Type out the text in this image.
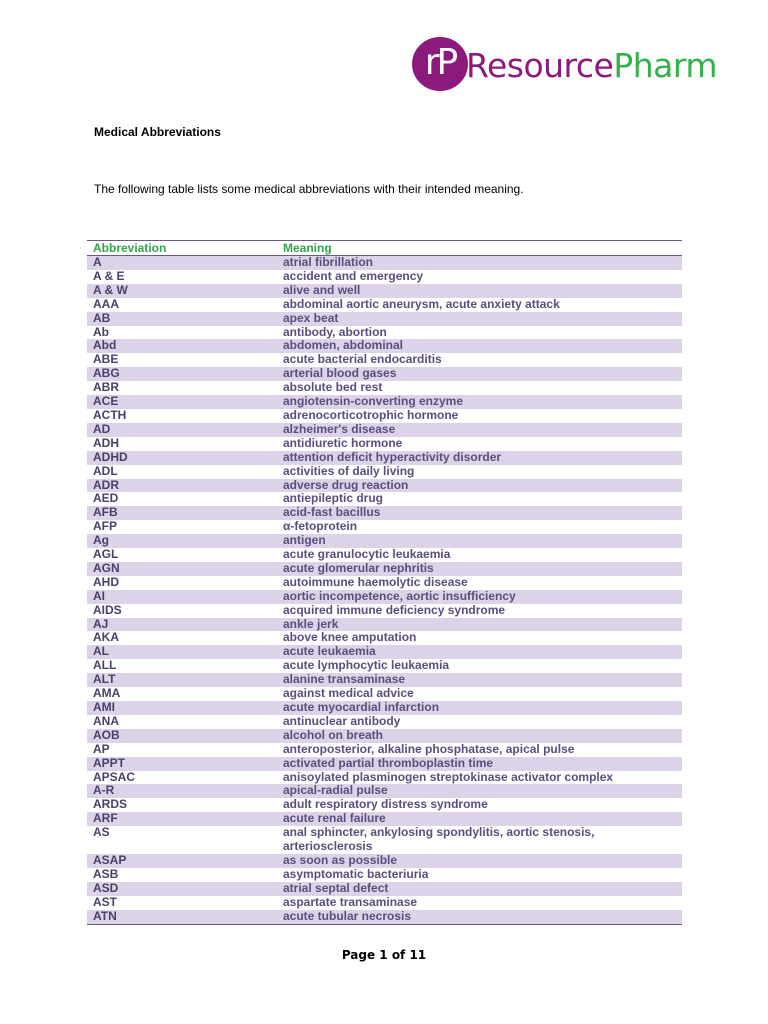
rP ResourcePharm
Medical Abbreviations
The following table lists some medical abbreviations with their intended meaning.
Abbreviation	Meaning
A	atrial fibrillation
A & E	accident and emergency
A & W	alive and well
AAA	abdominal aortic aneurysm, acute anxiety attack
AB	apex beat
Ab	antibody, abortion
Abd	abdomen, abdominal
ABE	acute bacterial endocarditis
ABG	arterial blood gases
ABR	absolute bed rest
ACE	angiotensin-converting enzyme
ACTH	adrenocorticotrophic hormone
AD	alzheimer's disease
ADH	antidiuretic hormone
ADHD	attention deficit hyperactivity disorder
ADL	activities of daily living
ADR	adverse drug reaction
AED	antiepileptic drug
AFB	acid-fast bacillus
AFP	α-fetoprotein
Ag	antigen
AGL	acute granulocytic leukaemia
AGN	acute glomerular nephritis
AHD	autoimmune haemolytic disease
AI	aortic incompetence, aortic insufficiency
AIDS	acquired immune deficiency syndrome
AJ	ankle jerk
AKA	above knee amputation
AL	acute leukaemia
ALL	acute lymphocytic leukaemia
ALT	alanine transaminase
AMA	against medical advice
AMI	acute myocardial infarction
ANA	antinuclear antibody
AOB	alcohol on breath
AP	anteroposterior, alkaline phosphatase, apical pulse
APPT	activated partial thromboplastin time
APSAC	anisoylated plasminogen streptokinase activator complex
A-R	apical-radial pulse
ARDS	adult respiratory distress syndrome
ARF	acute renal failure
AS	anal sphincter, ankylosing spondylitis, aortic stenosis, arteriosclerosis
ASAP	as soon as possible
ASB	asymptomatic bacteriuria
ASD	atrial septal defect
AST	aspartate transaminase
ATN	acute tubular necrosis
Page 1 of 11
